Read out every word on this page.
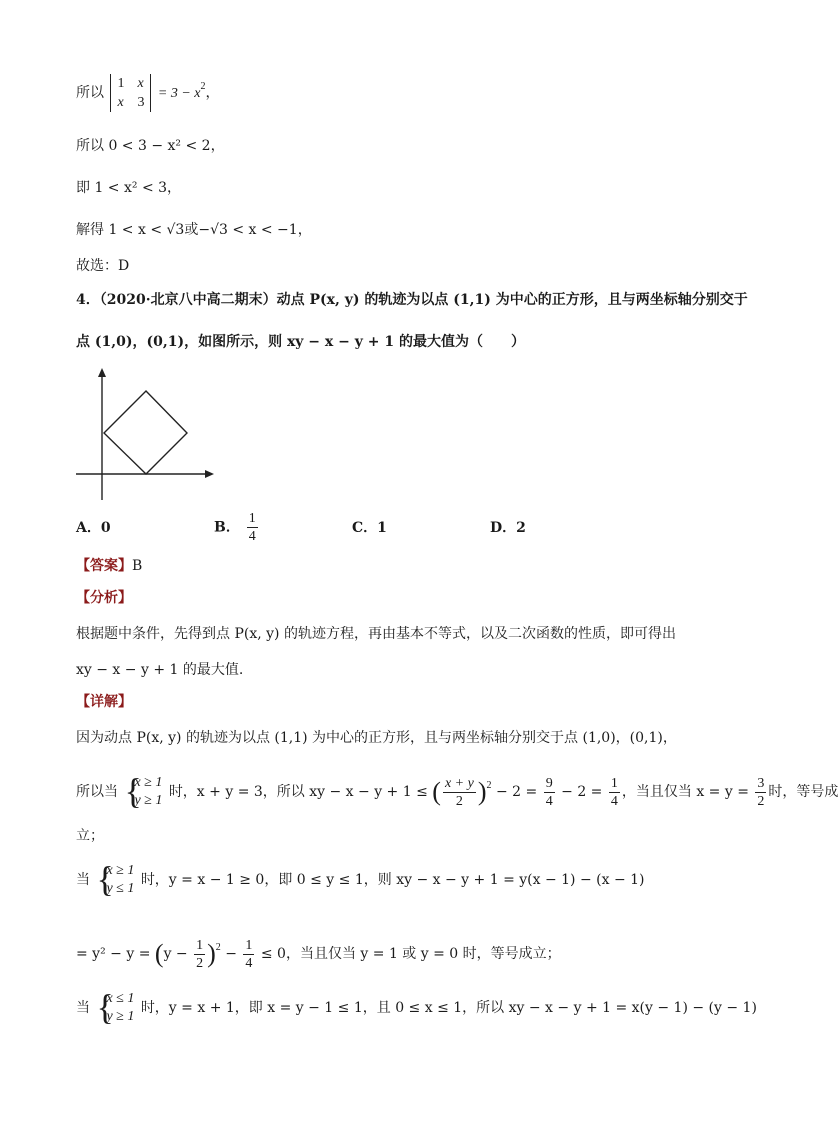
所以
1 x
x 3
= $3 - x^2$，
所以 0 < 3 − x² < 2，
即 1 < x² < 3，
解得 1 < x < √3或−√3 < x < −1，
故选：D
4．（2020·北京八中高二期末）动点 P(x, y) 的轨迹为以点 (1,1) 为中心的正方形，且与两坐标轴分别交于
点 (1,0)，(0,1)，如图所示，则 xy − x − y + 1 的最大值为（　　）
A．0	B． $\frac{1}{4}$	C．1	D．2
【答案】B
【分析】
根据题中条件，先得到点 P(x, y) 的轨迹方程，再由基本不等式，以及二次函数的性质，即可得出
xy − x − y + 1 的最大值.
【详解】
因为动点 P(x, y) 的轨迹为以点 (1,1) 为中心的正方形，且与两坐标轴分别交于点 (1,0)，(0,1)，
所以当 {
x ≥ 1
y ≥ 1
时，x + y = 3，所以 xy − x − y + 1 ≤ ( $\frac{x + y}{2} )^2 - 2 = \frac{9}{4} - 2 = \frac{1}{4}$ ，当且仅当 $x = y = \frac{3}{2}$ 时，等号成
立；
当 {
x ≥ 1
y ≤ 1
时，y = x − 1 ≥ 0，即 0 ≤ y ≤ 1，则 xy − x − y + 1 = y(x − 1) − (x − 1)
= $y^2 - y = (y - \frac{1}{2} )^2 - \frac{1}{4} \le 0$，当且仅当 y = 1 或 y = 0 时，等号成立；
当 {
x ≤ 1
y ≥ 1
时，y = x + 1，即 x = y − 1 ≤ 1，且 0 ≤ x ≤ 1，所以 xy − x − y + 1 = x(y − 1) − (y − 1)
